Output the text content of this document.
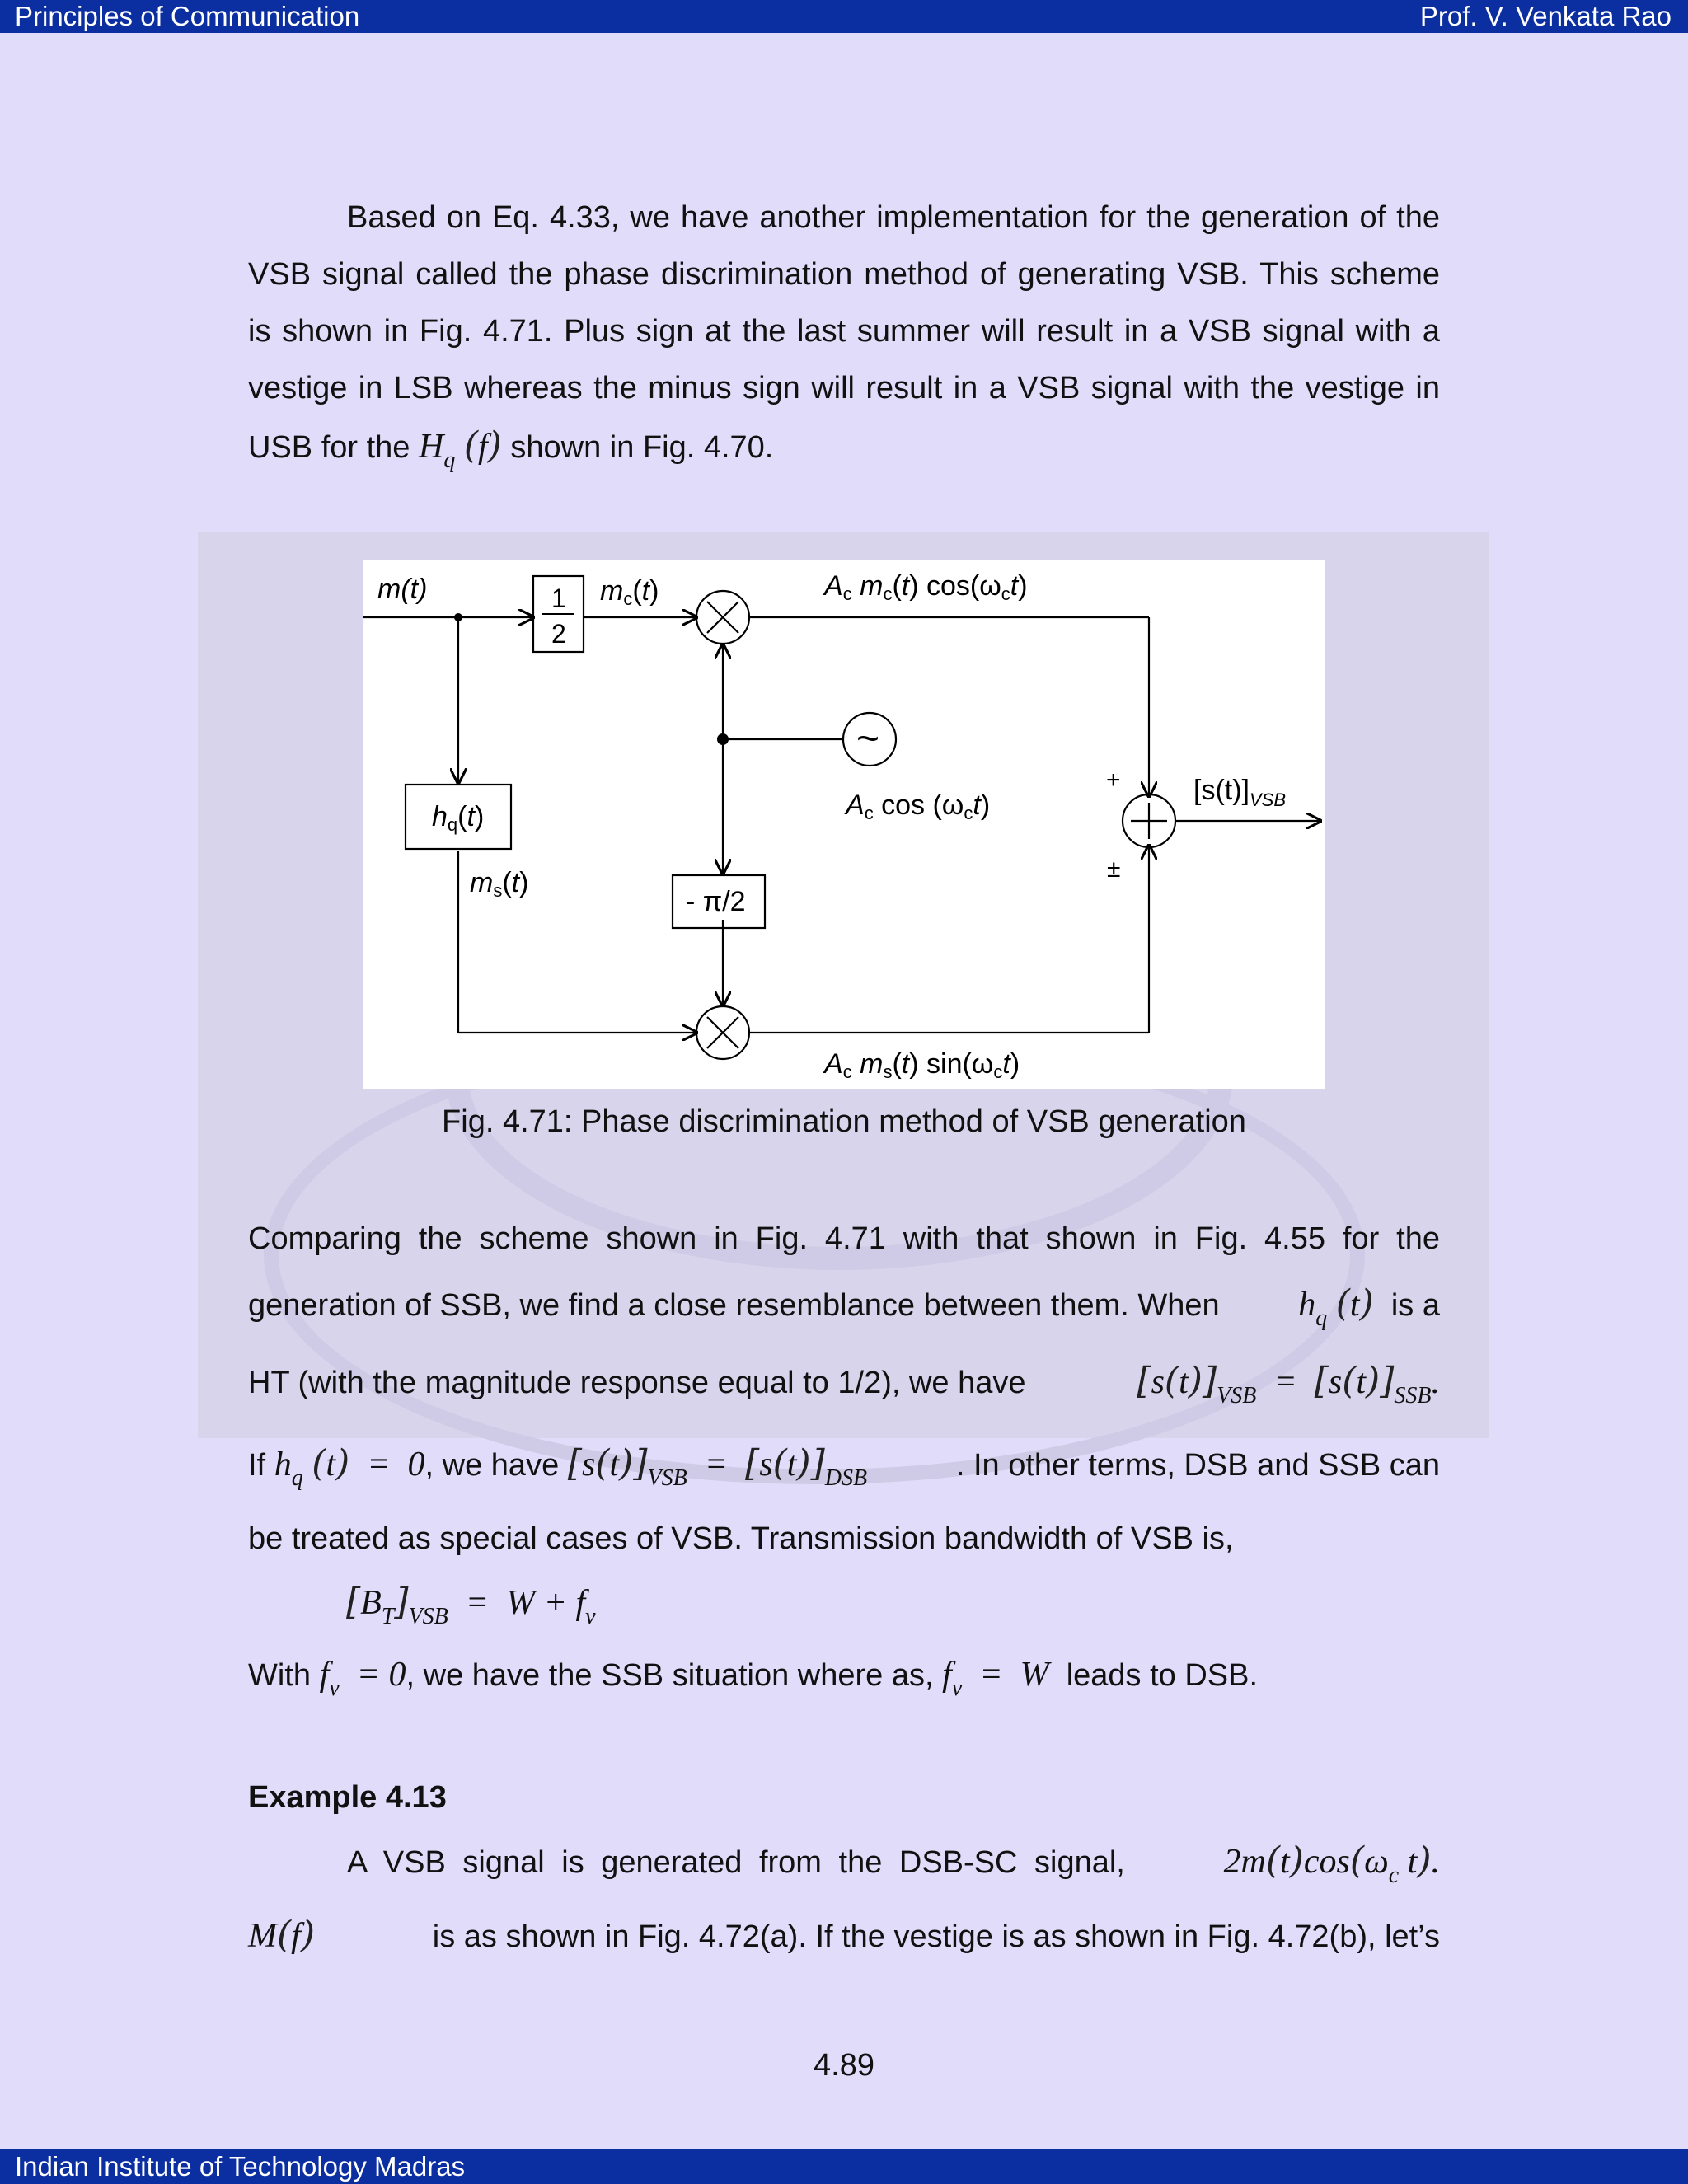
Principles of Communication	Prof. V. Venkata Rao

Based on Eq. 4.33, we have another implementation for the generation of the VSB signal called the phase discrimination method of generating VSB. This scheme is shown in Fig. 4.71. Plus sign at the last summer will result in a VSB signal with a vestige in LSB whereas the minus sign will result in a VSB signal with the vestige in USB for the $H_q$ (f) shown in Fig. 4.70.

m(t)	1
2
mc(t)	Ac mc(t) cos(ωct)
~
Ac cos (ωct)
hq(t)
ms(t)
- π/2
+
±
$[s(t)]_{VSB}$
Ac ms(t) sin(ωct)
Fig. 4.71: Phase discrimination method of VSB generation
Comparing the scheme shown in Fig. 4.71 with that shown in Fig. 4.55 for the
generation of SSB, we find a close resemblance between them. When $h_q$ (t) is a
HT (with the magnitude response equal to 1/2), we have	$[s(t)]_{VSB} = [s(t)]_{SSB}$.
If $h_q$ (t)  =  0, we have $[s(t)]_{VSB} = [s(t)]_{DSB}$	. In other terms, DSB and SSB can
be treated as special cases of VSB. Transmission bandwidth of VSB is,
$[B_T]_{VSB} = W + f_v$
With $f_v = 0$, we have the SSB situation where as, $f_v = W$ leads to DSB.
Example 4.13
A VSB signal is generated from the DSB-SC signal,	$2m(t)\cos(\omega_c$ t).
M(f)	is as shown in Fig. 4.72(a). If the vestige is as shown in Fig. 4.72(b), let’s
4.89
Indian Institute of Technology Madras
